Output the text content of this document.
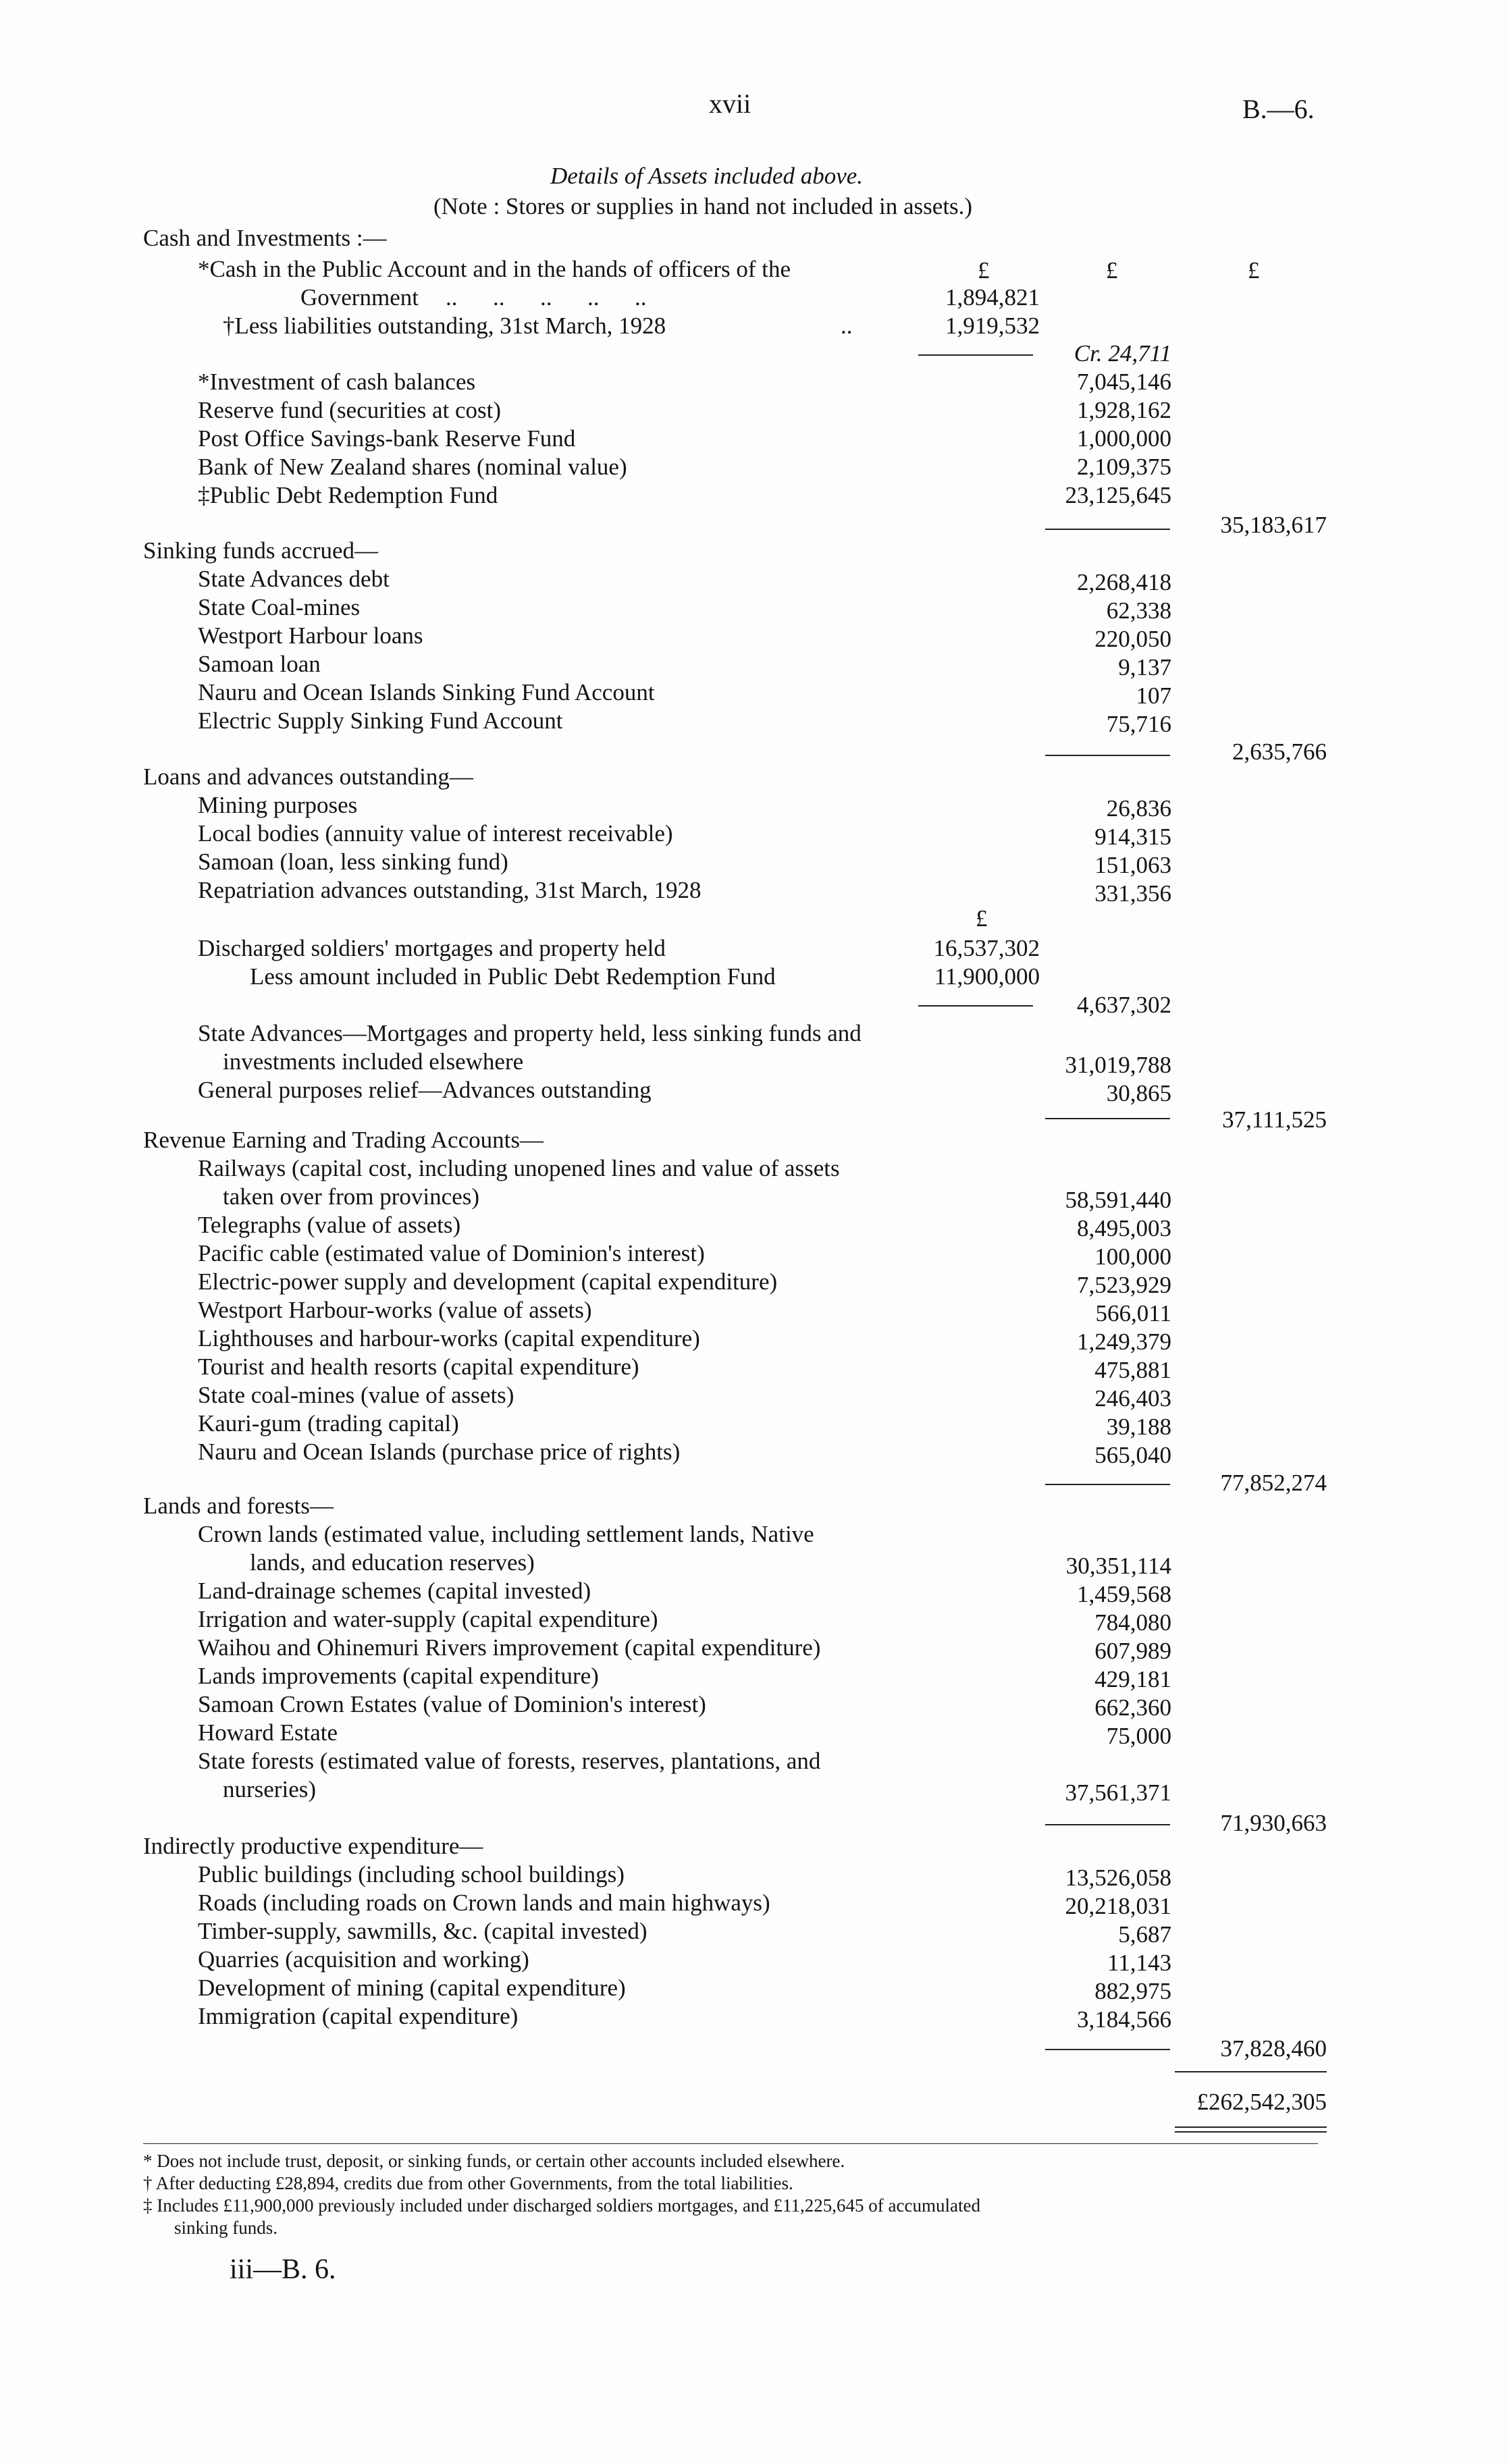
xvii	B.—6.
Details of Assets included above.
(Note : Stores or supplies in hand not included in assets.)
£	£	£
Cash and Investments :—
*Cash in the Public Account and in the hands of officers of the
Government ..      ..      ..      ..      ..	1,894,821
†Less liabilities outstanding, 31st March, 1928	..	1,919,532
Cr. 24,711
*Investment of cash balances	7,045,146
Reserve fund (securities at cost)	1,928,162
Post Office Savings-bank Reserve Fund	1,000,000
Bank of New Zealand shares (nominal value)	2,109,375
‡Public Debt Redemption Fund	23,125,645
35,183,617
Sinking funds accrued—
State Advances debt	2,268,418
State Coal-mines	62,338
Westport Harbour loans	220,050
Samoan loan	9,137
Nauru and Ocean Islands Sinking Fund Account	107
Electric Supply Sinking Fund Account	75,716
2,635,766
Loans and advances outstanding—
Mining purposes	26,836
Local bodies (annuity value of interest receivable)	914,315
Samoan (loan, less sinking fund)	151,063
Repatriation advances outstanding, 31st March, 1928	331,356
£
Discharged soldiers' mortgages and property held	16,537,302
Less amount included in Public Debt Redemption Fund	11,900,000
4,637,302
State Advances—Mortgages and property held, less sinking funds and
investments included elsewhere	31,019,788
General purposes relief—Advances outstanding	30,865
37,111,525
Revenue Earning and Trading Accounts—
Railways (capital cost, including unopened lines and value of assets
taken over from provinces)	58,591,440
Telegraphs (value of assets)	8,495,003
Pacific cable (estimated value of Dominion's interest)	100,000
Electric-power supply and development (capital expenditure)	7,523,929
Westport Harbour-works (value of assets)	566,011
Lighthouses and harbour-works (capital expenditure)	1,249,379
Tourist and health resorts (capital expenditure)	475,881
State coal-mines (value of assets)	246,403
Kauri-gum (trading capital)	39,188
Nauru and Ocean Islands (purchase price of rights)	565,040
77,852,274
Lands and forests—
Crown lands (estimated value, including settlement lands, Native
lands, and education reserves)	30,351,114
Land-drainage schemes (capital invested)	1,459,568
Irrigation and water-supply (capital expenditure)	784,080
Waihou and Ohinemuri Rivers improvement (capital expenditure)	607,989
Lands improvements (capital expenditure)	429,181
Samoan Crown Estates (value of Dominion's interest)	662,360
Howard Estate	75,000
State forests (estimated value of forests, reserves, plantations, and
nurseries)	37,561,371
71,930,663
Indirectly productive expenditure—
Public buildings (including school buildings)	13,526,058
Roads (including roads on Crown lands and main highways)	20,218,031
Timber-supply, sawmills, &c. (capital invested)	5,687
Quarries (acquisition and working)	11,143
Development of mining (capital expenditure)	882,975
Immigration (capital expenditure)	3,184,566
37,828,460
£262,542,305
* Does not include trust, deposit, or sinking funds, or certain other accounts included elsewhere.
† After deducting £28,894, credits due from other Governments, from the total liabilities.
‡ Includes £11,900,000 previously included under discharged soldiers mortgages, and £11,225,645 of accumulated
sinking funds.
iii—B. 6.
